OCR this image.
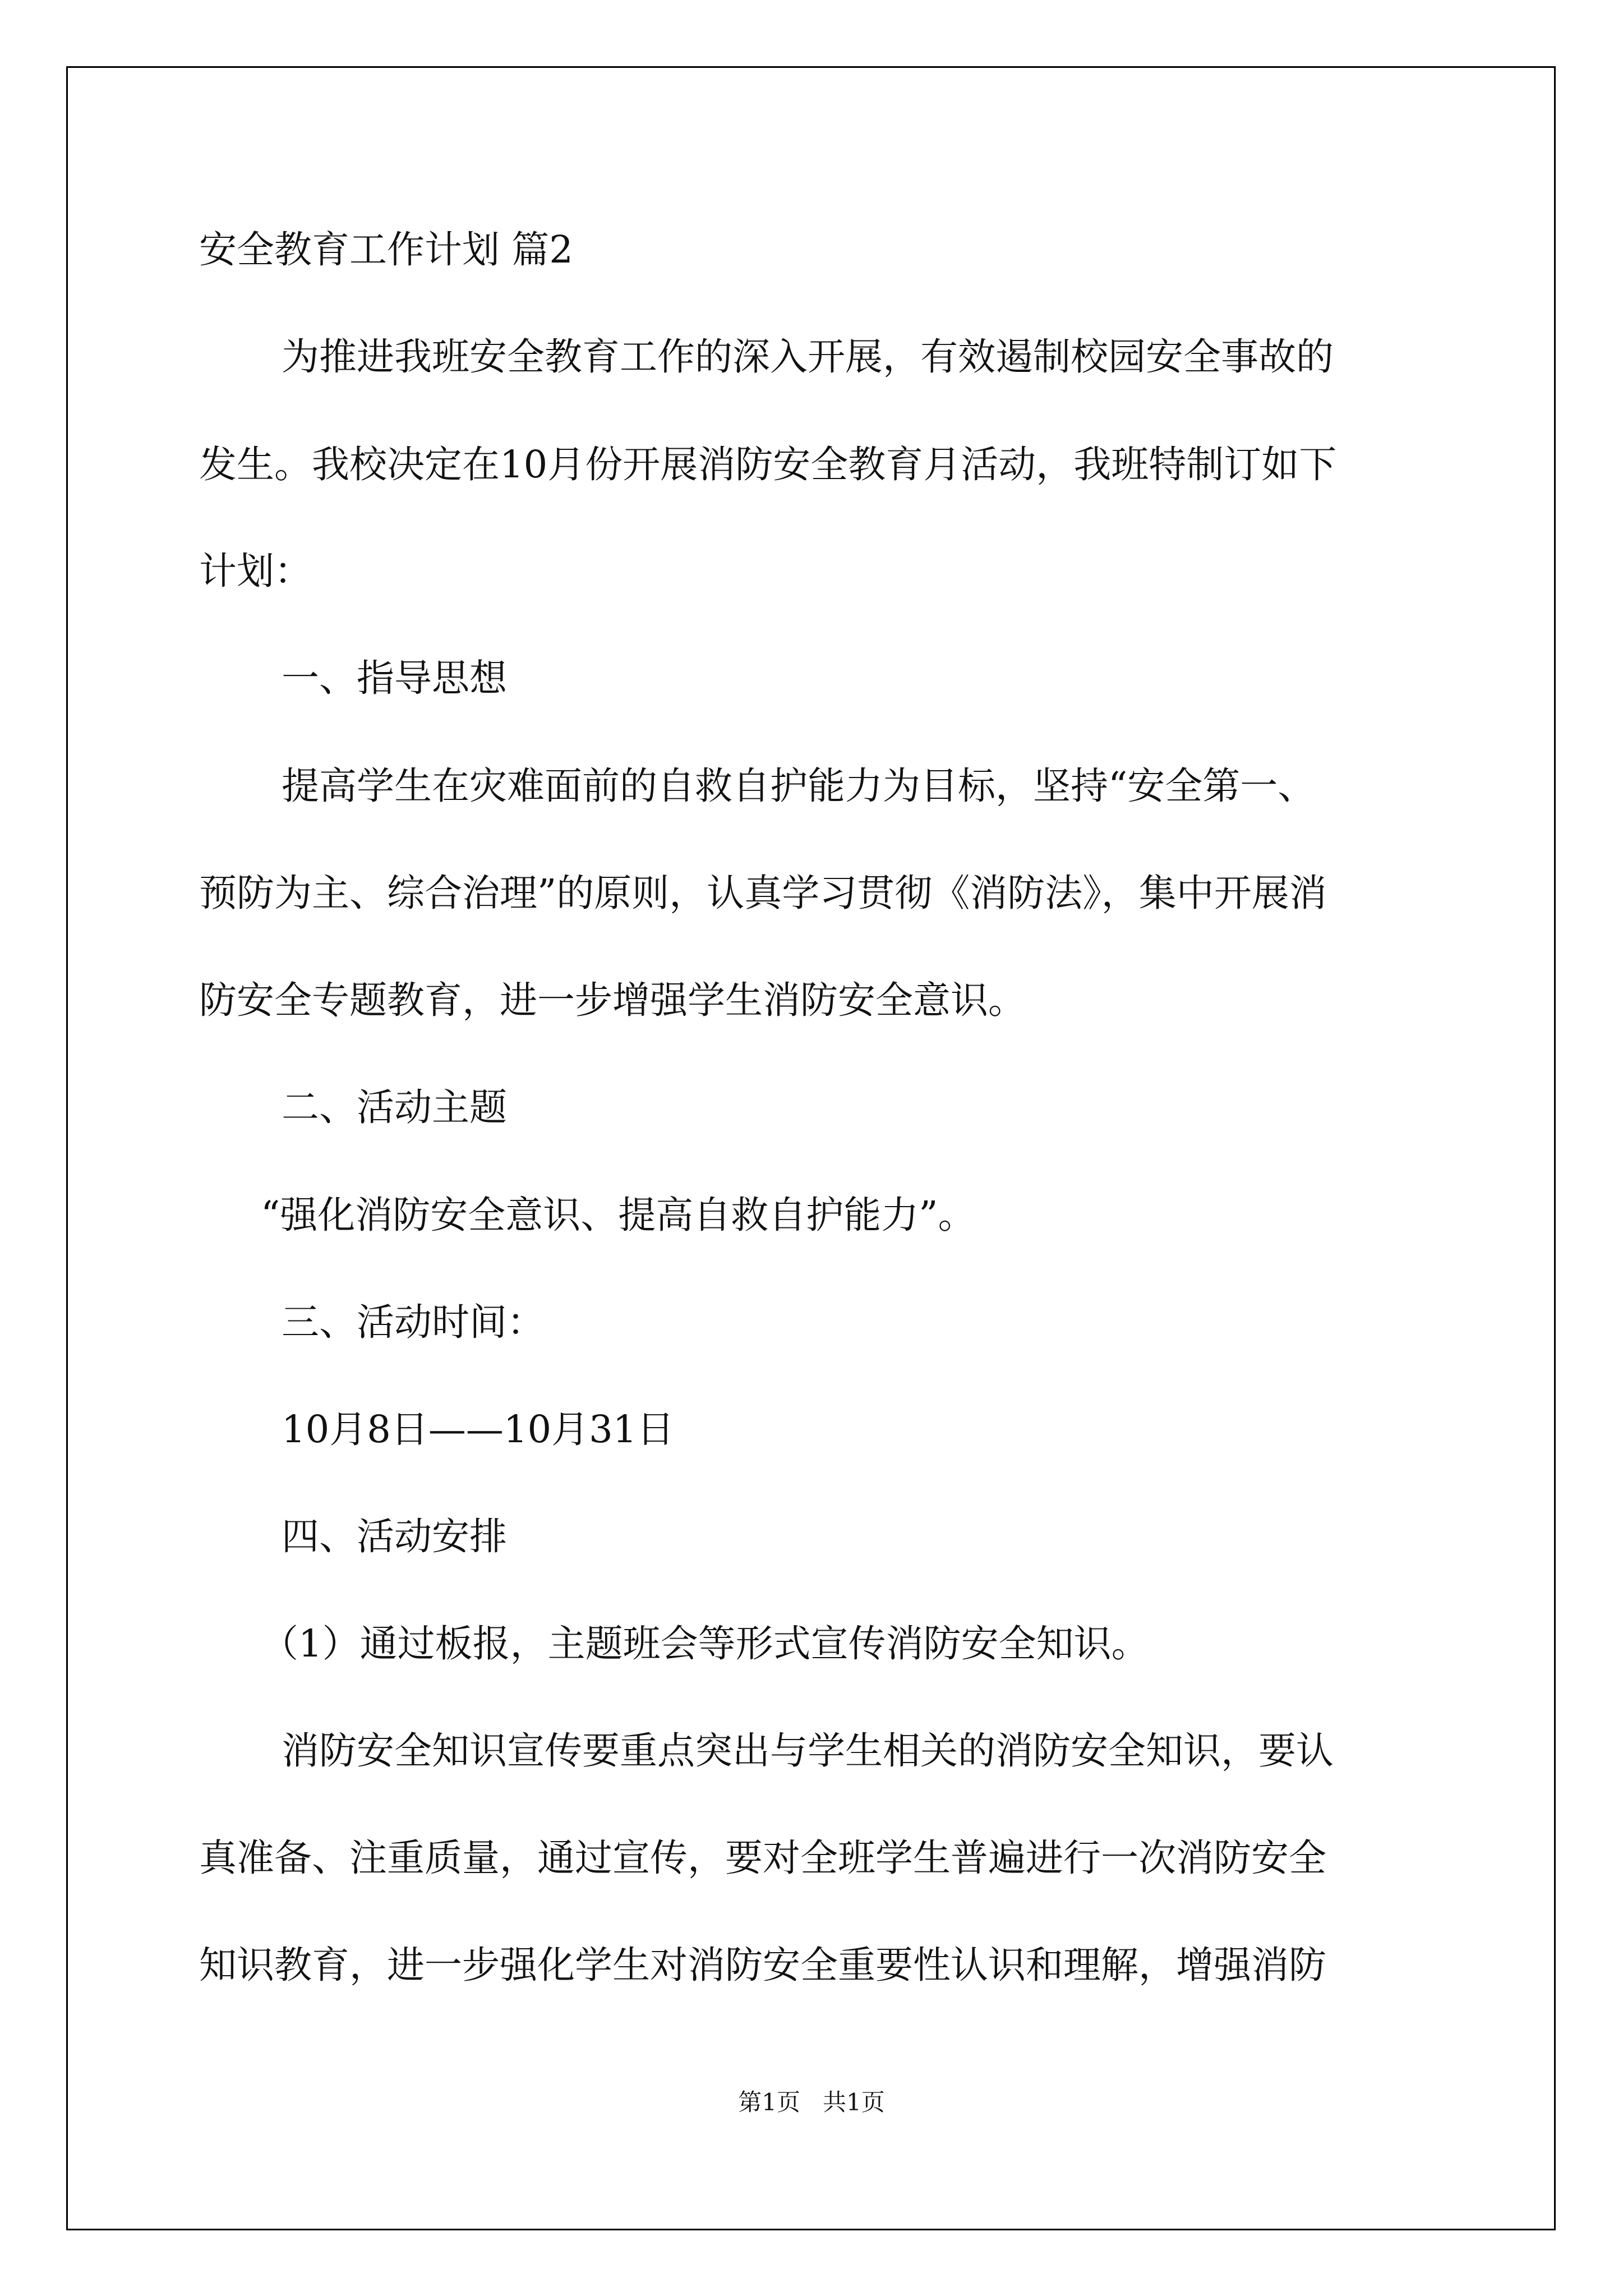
安全教育工作计划 篇2
为推进我班安全教育工作的深入开展，有效遏制校园安全事故的
发生。我校决定在10月份开展消防安全教育月活动，我班特制订如下
计划：
一、指导思想
提高学生在灾难面前的自救自护能力为目标，坚持“安全第一、
预防为主、综合治理”的原则，认真学习贯彻《消防法》，集中开展消
防安全专题教育，进一步增强学生消防安全意识。
二、活动主题
“强化消防安全意识、提高自救自护能力”。
三、活动时间：
10月8日——10月31日
四、活动安排
（1）通过板报，主题班会等形式宣传消防安全知识。
消防安全知识宣传要重点突出与学生相关的消防安全知识，要认
真准备、注重质量，通过宣传，要对全班学生普遍进行一次消防安全
知识教育，进一步强化学生对消防安全重要性认识和理解，增强消防
第1页   共1页
